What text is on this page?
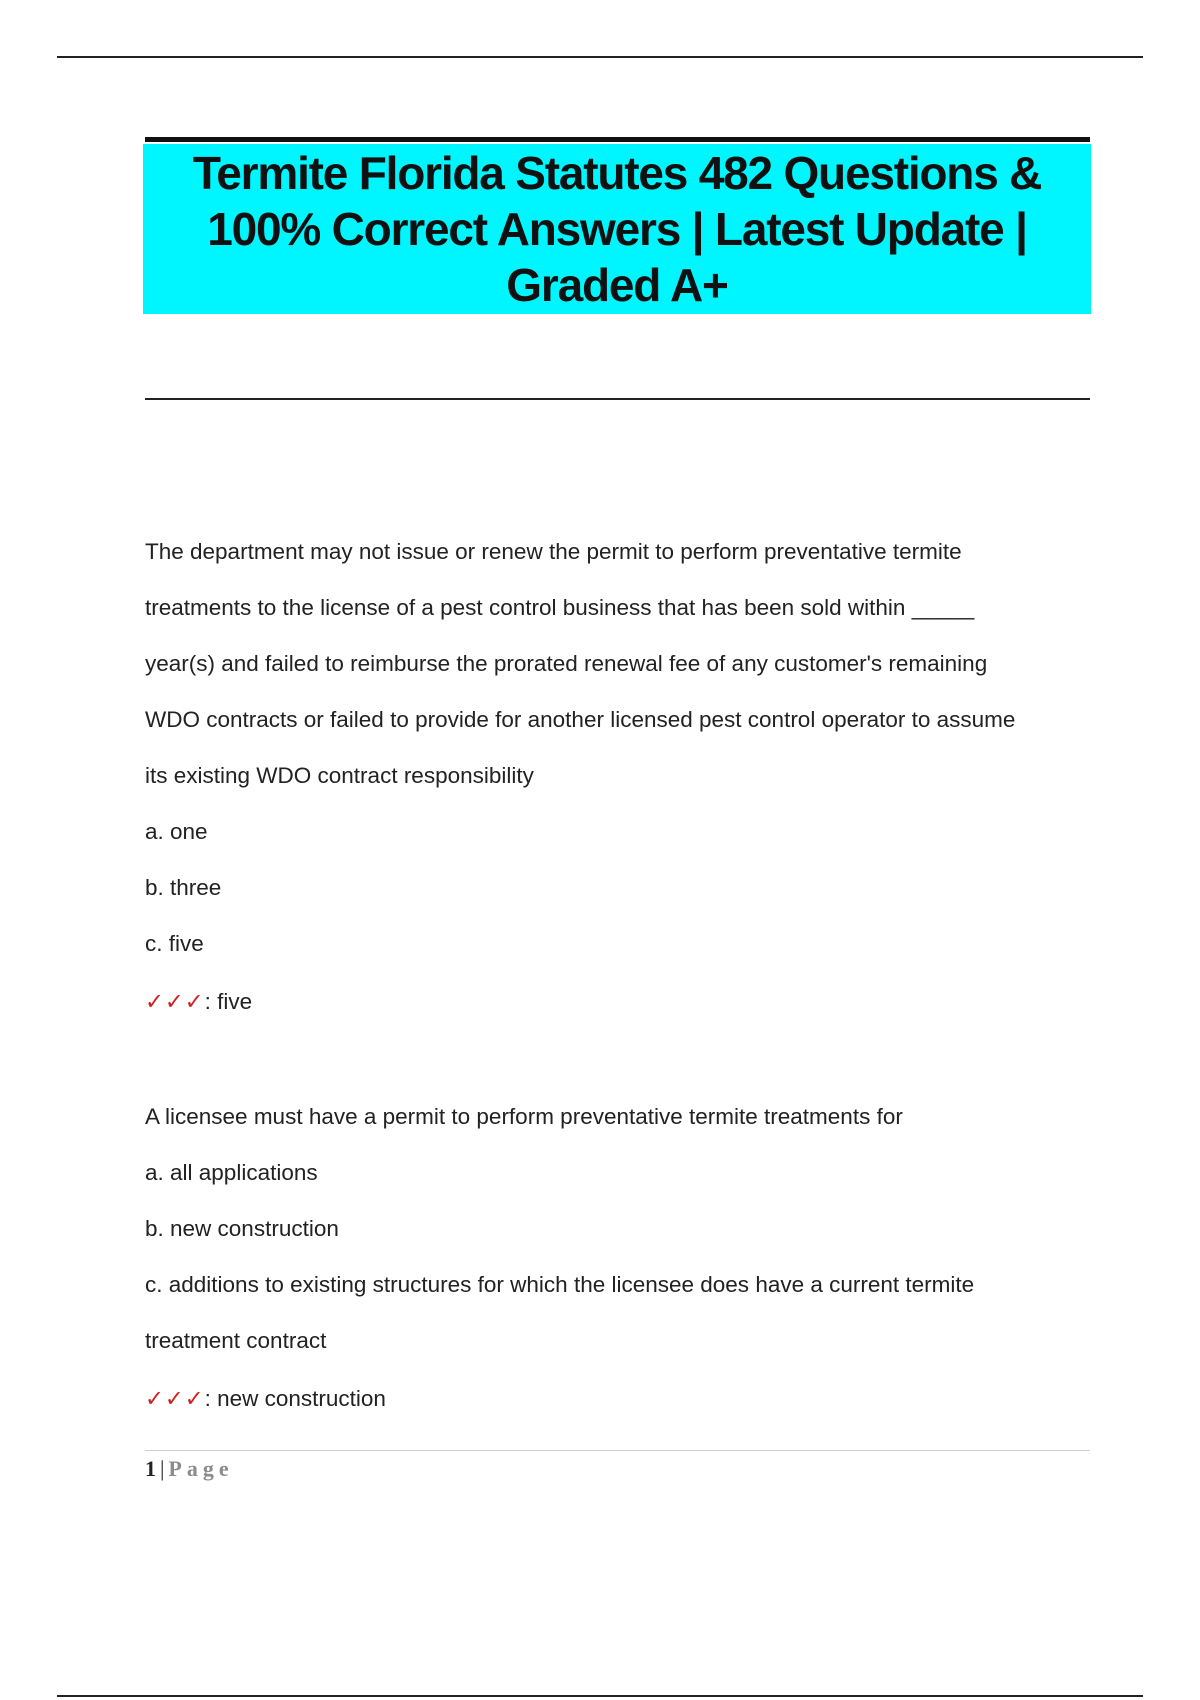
Termite Florida Statutes 482 Questions & 100% Correct Answers | Latest Update | Graded A+

The department may not issue or renew the permit to perform preventative termite

treatments to the license of a pest control business that has been sold within _____

year(s) and failed to reimburse the prorated renewal fee of any customer's remaining

WDO contracts or failed to provide for another licensed pest control operator to assume

its existing WDO contract responsibility

a. one

b. three

c. five

✓✓✓: five

A licensee must have a permit to perform preventative termite treatments for

a. all applications

b. new construction

c. additions to existing structures for which the licensee does have a current termite

treatment contract

✓✓✓: new construction

1 | Page
